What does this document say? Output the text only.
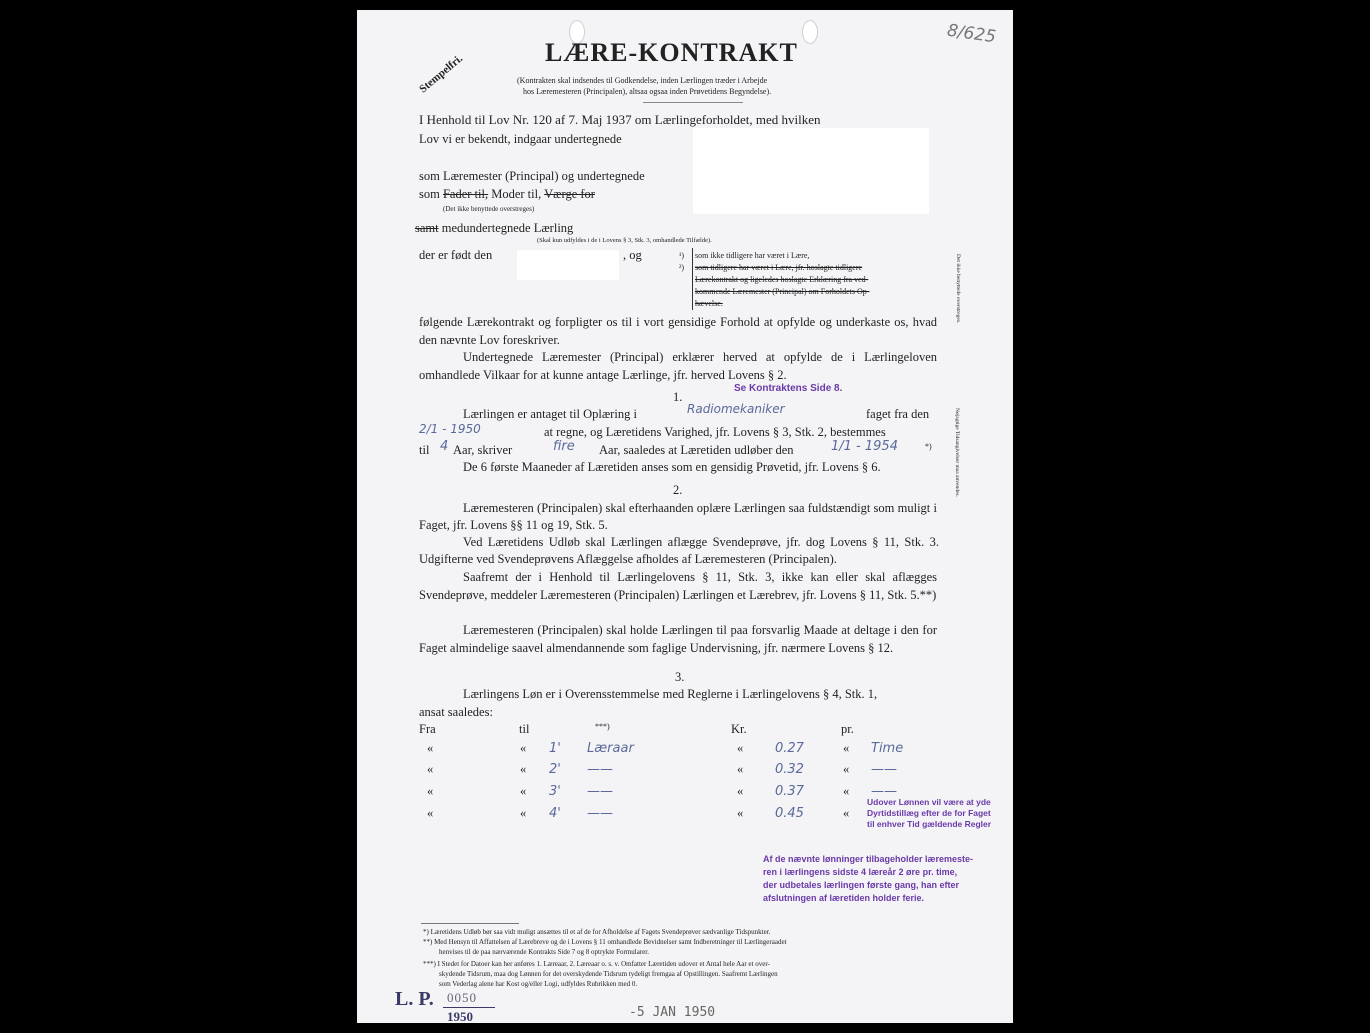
8/625
Stempelfri.
LÆRE-KONTRAKT
(Kontrakten skal indsendes til Godkendelse, inden Lærlingen træder i Arbejde
hos Læremesteren (Principalen), altsaa ogsaa inden Prøvetidens Begyndelse).
I Henhold til Lov Nr. 120 af 7. Maj 1937 om Lærlingeforholdet, med hvilken
Lov vi er bekendt, indgaar undertegnede
som Læremester (Principal) og undertegnede
som Fader til, Moder til, Værge for
(Det ikke benyttede overstreges)
samt medundertegnede Lærling
(Skal kun udfyldes i de i Lovens § 3, Stk. 3, omhandlede Tilfælde).
der er født den	, og	¹) som ikke tidligere har været i Lære,
²) som tidligere har været i Lære, jfr. hoslagte tidligere
Lærekontrakt og ligeledes hoslagte Erklæring fra ved-
kommende Læremester (Principal) om Forholdets Op-
hævelse.	Det ikke benyttede overstreges.
følgende Lærekontrakt og forpligter os til i vort gensidige Forhold at opfylde og underkaste os, hvad den nævnte Lov foreskriver.
Undertegnede Læremester (Principal) erklærer herved at opfylde de i Lærlingeloven omhandlede Vilkaar for at kunne antage Lærlinge, jfr. herved Lovens § 2.
Se Kontraktens Side 8.
1.
Lærlingen er antaget til Oplæring i	Radiomekaniker	faget fra den
2/1 - 1950	at regne, og Læretidens Varighed, jfr. Lovens § 3, Stk. 2, bestemmes
til 4 Aar, skriver	fire Aar, saaledes at Læretiden udløber den	1/1 - 1954	*)
De 6 første Maaneder af Læretiden anses som en gensidig Prøvetid, jfr. Lovens § 6.	Nøjagtige Tidsangivelser maa anvendes.
2.
Læremesteren (Principalen) skal efterhaanden oplære Lærlingen saa fuldstændigt som muligt i Faget, jfr. Lovens §§ 11 og 19, Stk. 5.
Ved Læretidens Udløb skal Lærlingen aflægge Svendeprøve, jfr. dog Lovens § 11, Stk. 3. Udgifterne ved Svendeprøvens Aflæggelse afholdes af Læremesteren (Principalen).
Saafremt der i Henhold til Lærlingelovens § 11, Stk. 3, ikke kan eller skal aflægges Svendeprøve, meddeler Læremesteren (Principalen) Lærlingen et Lærebrev, jfr. Lovens § 11, Stk. 5.**)
Læremesteren (Principalen) skal holde Lærlingen til paa forsvarlig Maade at deltage i den for Faget almindelige saavel almendannende som faglige Undervisning, jfr. nærmere Lovens § 12.
3.
Lærlingens Løn er i Overensstemmelse med Reglerne i Lærlingelovens § 4, Stk. 1,
ansat saaledes:
Fra	til	***)	Kr.	pr.
«	« 1' Læraar	« 0.27	« Time
«	« 2' ——	« 0.32	« ——
«	« 3' ——	« 0.37	« ——
«	« 4' ——	« 0.45	«
Udover Lønnen vil være at yde
Dyrtidstillæg efter de for Faget
til enhver Tid gældende Regler
Af de nævnte lønninger tilbageholder læremeste-
ren i lærlingens sidste 4 læreår 2 øre pr. time,
der udbetales lærlingen første gang, han efter
afslutningen af læretiden holder ferie.
*) Læretidens Udløb bør saa vidt muligt ansættes til et af de for Afholdelse af Fagets Svendeprøver sædvanlige Tidspunkter.
**) Med Hensyn til Affattelsen af Lærebreve og de i Lovens § 11 omhandlede Bevidnelser samt Indberetninger til Lærlingeraadet
henvises til de paa nærværende Kontrakts Side 7 og 8 optrykte Formularer.
***) I Stedet for Datoer kan her anføres 1. Læreaar, 2. Læreaar o. s. v. Omfatter Læretiden udover et Antal hele Aar et over-
skydende Tidsrum, maa dog Lønnen for det overskydende Tidsrum tydeligt fremgaa af Opstillingen. Saafremt Lærlingen
som Vederlag alene har Kost og/eller Logi, udfyldes Rubrikken med 0.
L. P. 0050
1950	-5 JAN 1950
